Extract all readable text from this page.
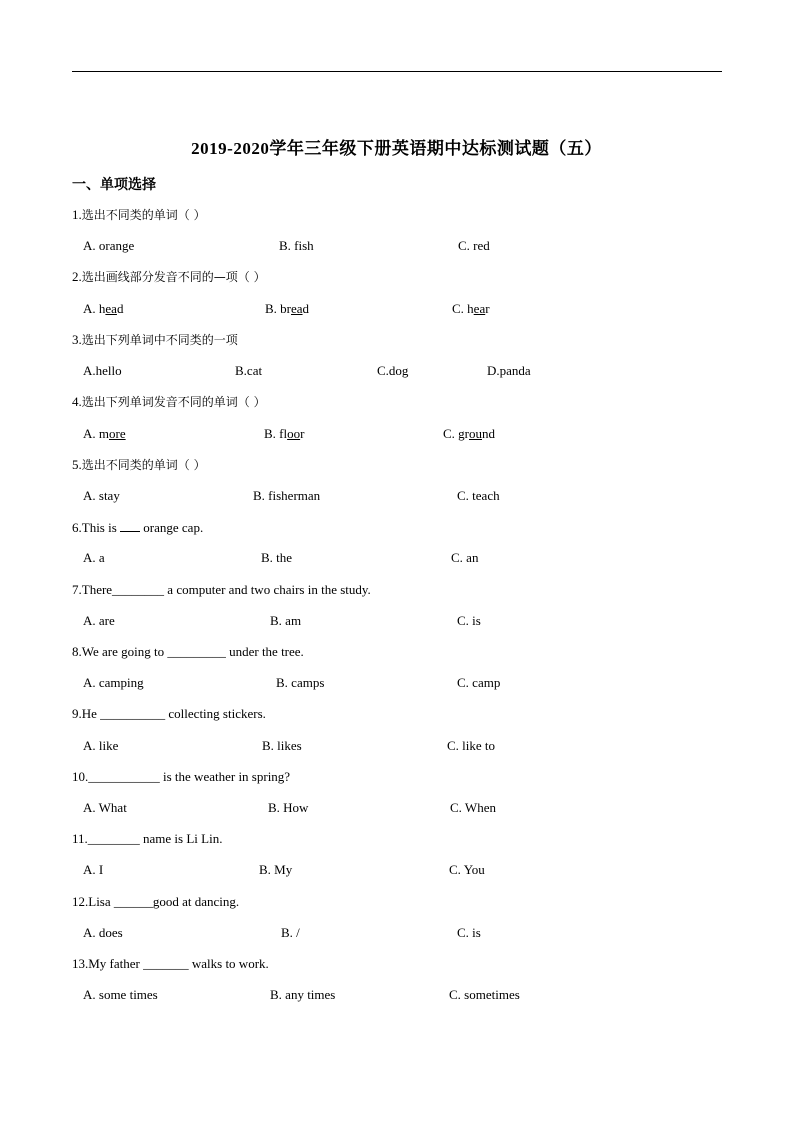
2019-2020学年三年级下册英语期中达标测试题（五）
一、单项选择
1.选出不同类的单词（ ）
A. orange	B. fish	C. red
2.选出画线部分发音不同的—项（ ）
A. head	B. bread	C. hear
3.选出下列单词中不同类的一项
A.hello	B.cat	C.dog	D.panda
4.选出下列单词发音不同的单词（ ）
A. more	B. floor	C. ground
5.选出不同类的单词（ ）
A. stay	B. fisherman	C. teach
6.This is  orange cap.
A. a	B. the	C. an
7.There________ a computer and two chairs in the study.
A. are	B. am	C. is
8.We are going to _________ under the tree.
A. camping	B. camps	C. camp
9.He __________ collecting stickers.
A. like	B. likes	C. like to
10.___________ is the weather in spring?
A. What	B. How	C. When
11.________ name is Li Lin.
A. I	B. My	C. You
12.Lisa ______good at dancing.
A. does	B. /	C. is
13.My father _______ walks to work.
A. some times	B. any times	C. sometimes
